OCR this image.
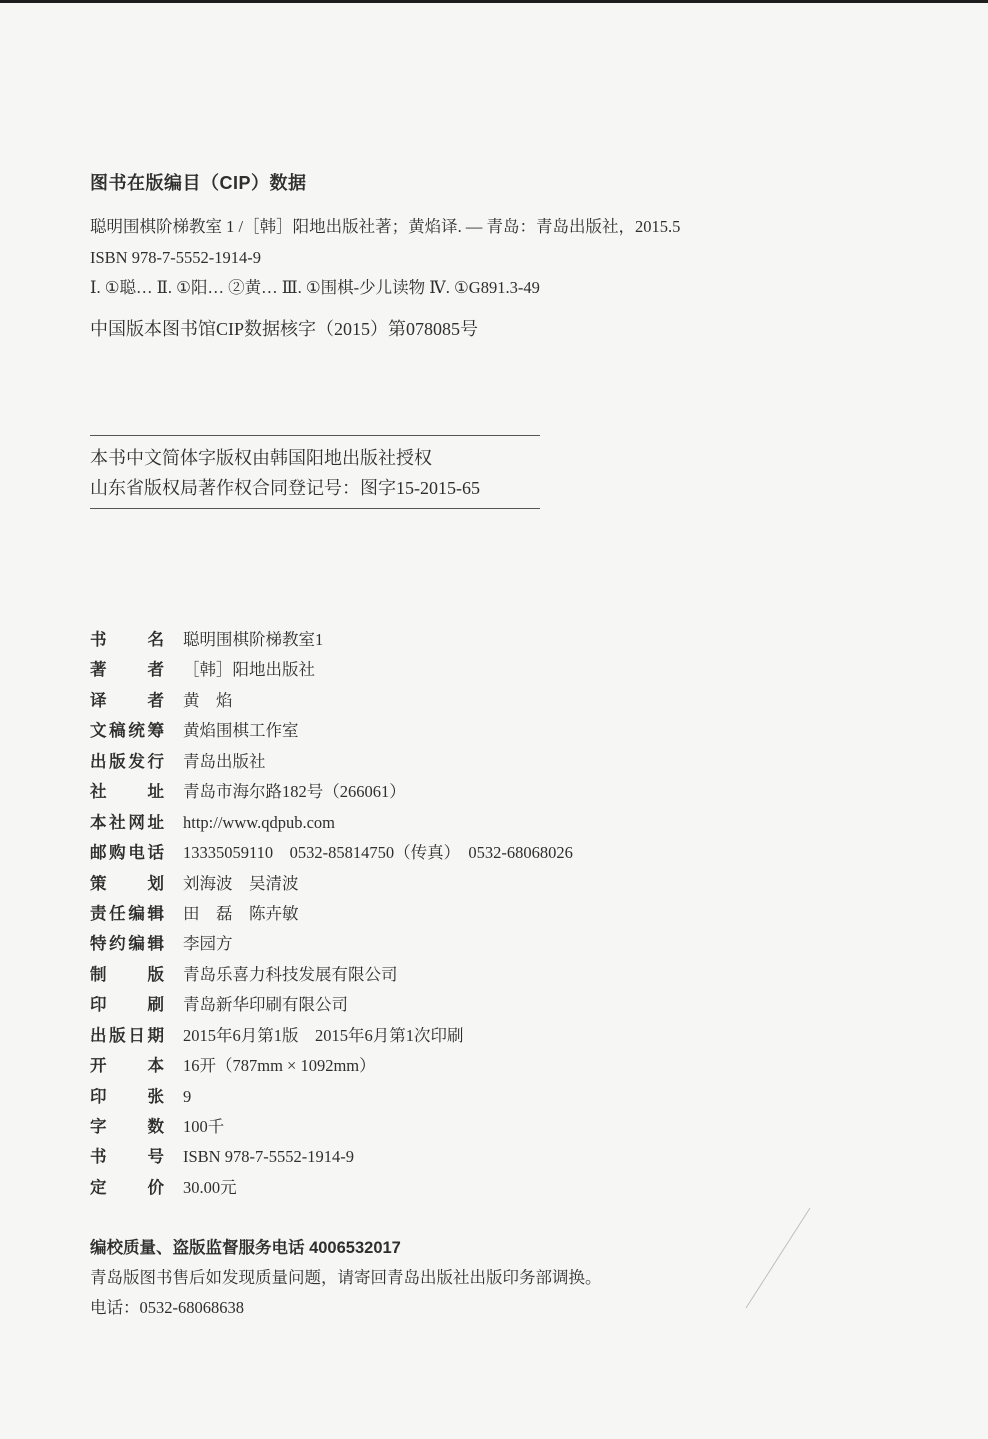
图书在版编目（CIP）数据
聪明围棋阶梯教室 1 /［韩］阳地出版社著；黄焰译. — 青岛：青岛出版社，2015.5
ISBN 978-7-5552-1914-9
Ⅰ. ①聪… Ⅱ. ①阳… ②黄… Ⅲ. ①围棋-少儿读物 Ⅳ. ①G891.3-49
中国版本图书馆CIP数据核字（2015）第078085号
本书中文简体字版权由韩国阳地出版社授权
山东省版权局著作权合同登记号：图字15-2015-65
书 名 聪明围棋阶梯教室1
著 者 ［韩］阳地出版社
译 者 黄　焰
文稿统筹 黄焰围棋工作室
出版发行 青岛出版社
社 址 青岛市海尔路182号（266061）
本社网址 http://www.qdpub.com
邮购电话 13335059110　0532-85814750（传真）　0532-68068026
策 划 刘海波　吴清波
责任编辑 田　磊　陈卉敏
特约编辑 李园方
制 版 青岛乐喜力科技发展有限公司
印 刷 青岛新华印刷有限公司
出版日期 2015年6月第1版　2015年6月第1次印刷
开 本 16开（787mm × 1092mm）
印 张 9
字 数 100千
书 号 ISBN 978-7-5552-1914-9
定 价 30.00元
编校质量、盗版监督服务电话 4006532017
青岛版图书售后如发现质量问题，请寄回青岛出版社出版印务部调换。
电话：0532-68068638
